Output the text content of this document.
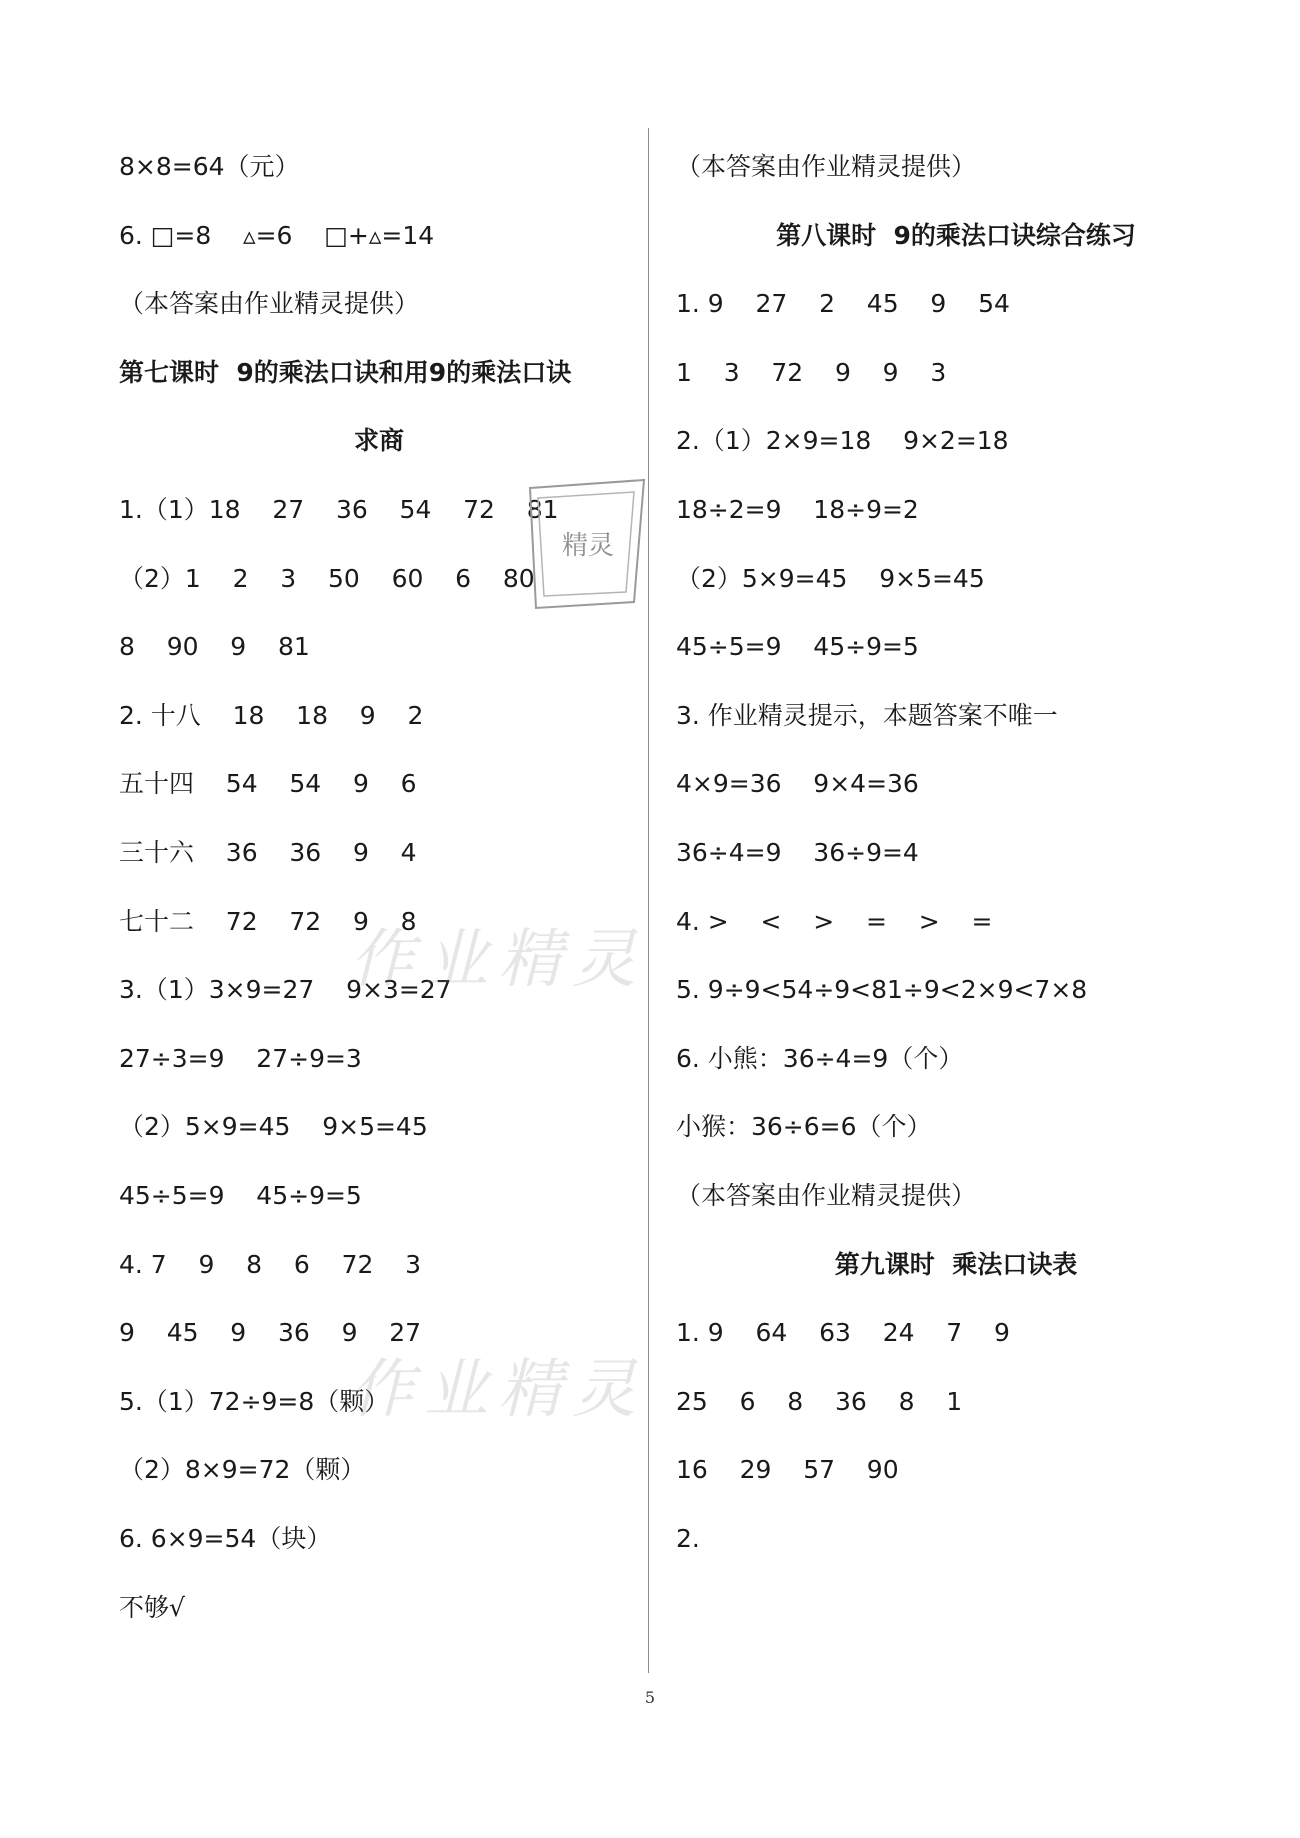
8×8=64（元）
6. □=8    ▵=6    □+▵=14
（本答案由作业精灵提供）
第七课时  9的乘法口诀和用9的乘法口诀
求商
1.（1）18    27    36    54    72    81
（2）1    2    3    50    60    6    80
8    90    9    81
2. 十八    18    18    9    2
五十四    54    54    9    6
三十六    36    36    9    4
七十二    72    72    9    8
3.（1）3×9=27    9×3=27
27÷3=9    27÷9=3
（2）5×9=45    9×5=45
45÷5=9    45÷9=5
4. 7    9    8    6    72    3
9    45    9    36    9    27
5.（1）72÷9=8（颗）
（2）8×9=72（颗）
6. 6×9=54（块）
不够√
（本答案由作业精灵提供）
第八课时  9的乘法口诀综合练习
1. 9    27    2    45    9    54
1    3    72    9    9    3
2.（1）2×9=18    9×2=18
18÷2=9    18÷9=2
（2）5×9=45    9×5=45
45÷5=9    45÷9=5
3. 作业精灵提示，本题答案不唯一
4×9=36    9×4=36
36÷4=9    36÷9=4
4. >    <    >    =    >    =
5. 9÷9<54÷9<81÷9<2×9<7×8
6. 小熊：36÷4=9（个）
小猴：36÷6=6（个）
（本答案由作业精灵提供）
第九课时  乘法口诀表
1. 9    64    63    24    7    9
25    6    8    36    8    1
16    29    57    90
2.
作业精灵
作业精灵
精灵
5
